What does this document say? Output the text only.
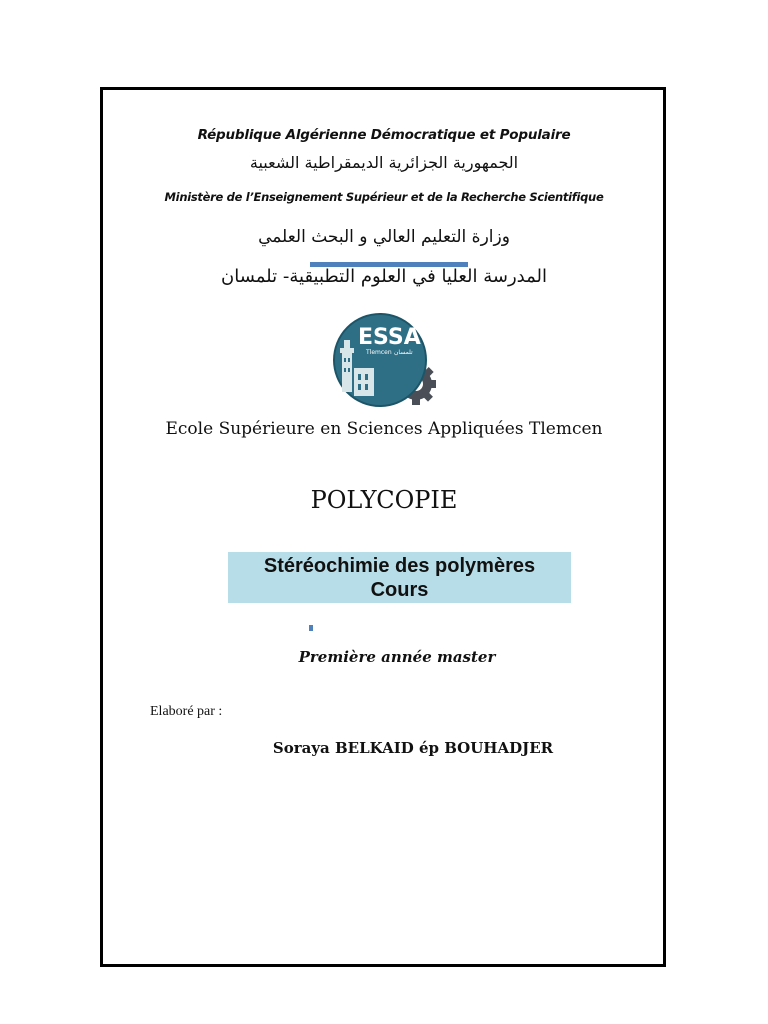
République Algérienne Démocratique et Populaire
الجمهورية الجزائرية الديمقراطية الشعبية
Ministère de l’Enseignement Supérieur et de la Recherche Scientifique
وزارة التعليم العالي و البحث العلمي
المدرسة العليا في العلوم التطبيقية- تلمسان
ESSA
Tlemcen تلمسان
Ecole Supérieure en Sciences Appliquées Tlemcen
POLYCOPIE
Stéréochimie des polymères
Cours
Première année master
Elaboré par :
Soraya BELKAID ép BOUHADJER
